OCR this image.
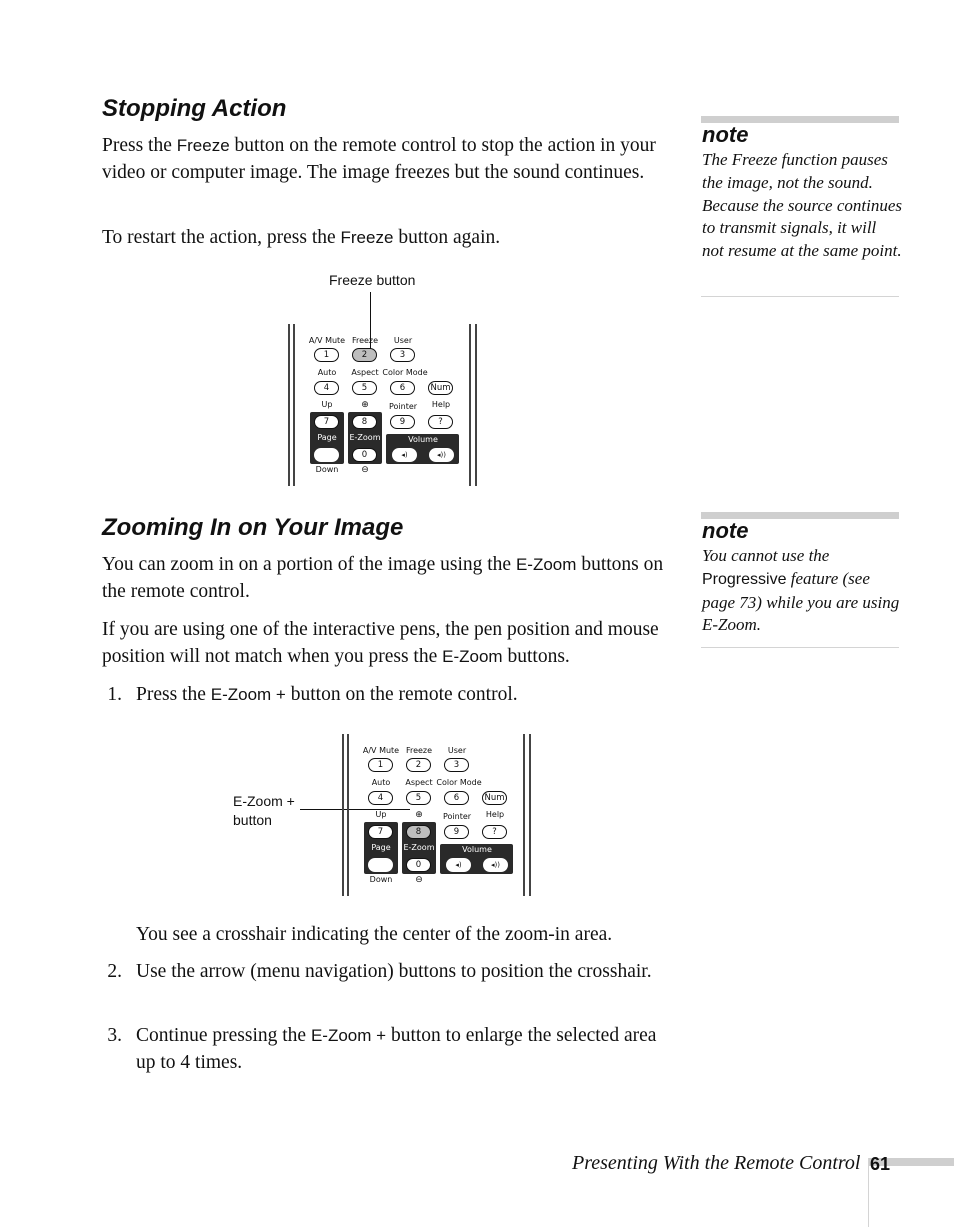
Stopping Action

Press the Freeze button on the remote control to stop the action in your video or computer image. The image freezes but the sound continues.

To restart the action, press the Freeze button again.

note

The Freeze function pauses the image, not the sound. Because the source continues to transmit signals, it will not resume at the same point.

Freeze button
A/V Mute Freeze User
1	2	3
Auto Aspect Color Mode
4	5	6	Num
Up	⊕	Pointer Help
7	8	9	?
Page E-Zoom	Volume
0	◂)	◂))
Down	⊖
Zooming In on Your Image

You can zoom in on a portion of the image using the E-Zoom buttons on the remote control.

If you are using one of the interactive pens, the pen position and mouse position will not match when you press the E-Zoom buttons.

1. Press the E-Zoom + button on the remote control.

note

You cannot use the Progressive feature (see page 73) while you are using E-Zoom.

E-Zoom + button
A/V Mute Freeze User
1	2	3
Auto Aspect Color Mode
4	5	6	Num
Up	⊕	Pointer Help
7	8	9	?
Page E-Zoom	Volume
0	◂)	◂))
Down	⊖

You see a crosshair indicating the center of the zoom-in area.

2. Use the arrow (menu navigation) buttons to position the crosshair.

3. Continue pressing the E-Zoom + button to enlarge the selected area up to 4 times.

Presenting With the Remote Control 61
